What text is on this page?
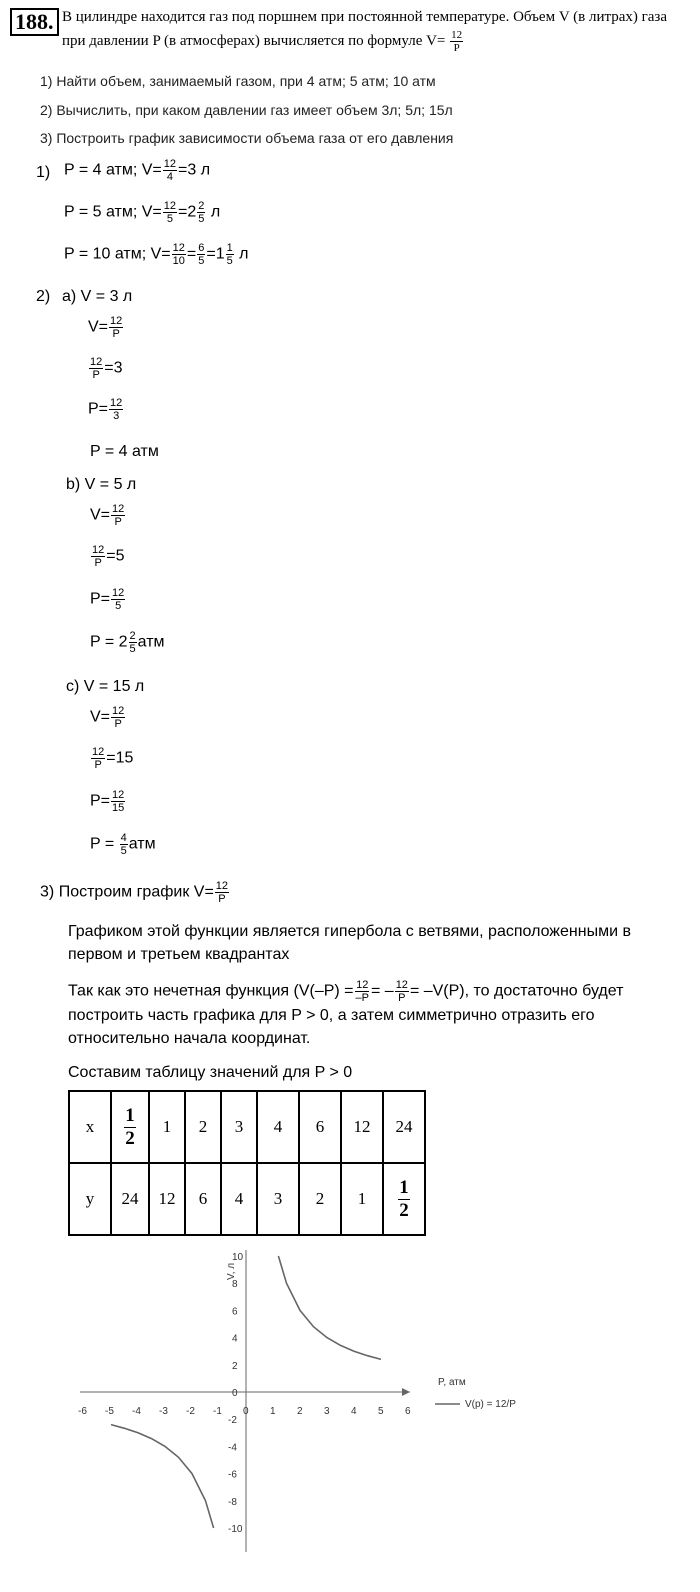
188. В цилиндре находится газ под поршнем при постоянной температуре. Объем V (в литрах) газа при давлении P (в атмосферах) вычисляется по формуле $V= \frac{12}{P}$
1) Найти объем, занимаемый газом, при 4 атм; 5 атм; 10 атм
2) Вычислить, при каком давлении газ имеет объем 3л; 5л; 15л
3) Построить график зависимости объема газа от его давления
1) P = 4 атм; $V= \frac{12}{4} =3$ л
P = 5 атм; $V= \frac{12}{5} =2 \frac{2}{5}$ л
P = 10 атм; $V= \frac{12}{10} = \frac{6}{5} =1 \frac{1}{5}$ л
2) a) V = 3 л
$V= \frac{12}{P}$
$\frac{12}{P} =3$
$P= \frac{12}{3}$
P = 4 атм
b) V = 5 л
$V= \frac{12}{P}$
$\frac{12}{P} =5$
$P= \frac{12}{5}$
$P = 2 \frac{2}{5}$ атм
c) V = 15 л
$V= \frac{12}{P}$
$\frac{12}{P} =15$
$P= \frac{12}{15}$
$P = \frac{4}{5}$ атм
3) Построим график $V= \frac{12}{P}$
Графиком этой функции является гипербола с ветвями, расположенными в первом и третьем квадрантах
Так как это нечетная функция ($V(-P) = \frac{12}{-P}$ = – $\frac{12}{P} = -V(P)$, то достаточно будет построить часть графика для P > 0, а затем симметрично отразить его относительно начала координат.
Составим таблицу значений для P > 0
x	$\frac{1}{2}$	1	2	3	4	6	12	24
y	24	12	6	4	3	2	1	$\frac{1}{2}$
-6 -5 -4 -3 -2 -1 0 1 2 3 4 5 6
10
8
6
4
2
0
-2
-4
-6
-8
-10
P, атм
V, л
V(p) = 12/P
